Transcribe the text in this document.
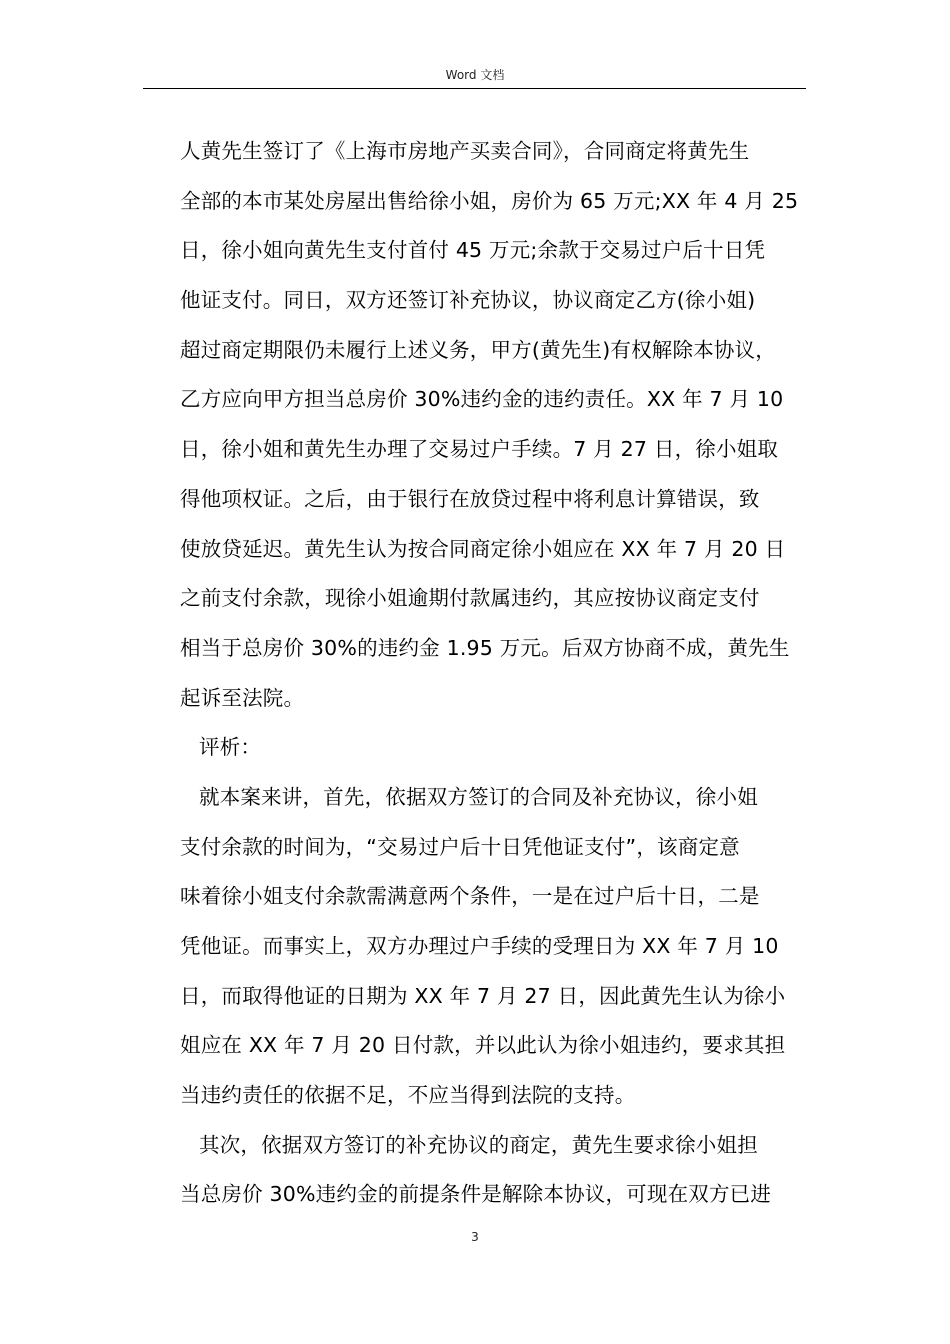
Word 文档
人黄先生签订了《上海市房地产买卖合同》，合同商定将黄先生
全部的本市某处房屋出售给徐小姐，房价为 65 万元;XX 年 4 月 25
日，徐小姐向黄先生支付首付 45 万元;余款于交易过户后十日凭
他证支付。同日，双方还签订补充协议，协议商定乙方(徐小姐)
超过商定期限仍未履行上述义务，甲方(黄先生)有权解除本协议，
乙方应向甲方担当总房价 30%违约金的违约责任。XX 年 7 月 10
日，徐小姐和黄先生办理了交易过户手续。7 月 27 日，徐小姐取
得他项权证。之后，由于银行在放贷过程中将利息计算错误，致
使放贷延迟。黄先生认为按合同商定徐小姐应在 XX 年 7 月 20 日
之前支付余款，现徐小姐逾期付款属违约，其应按协议商定支付
相当于总房价 30%的违约金 1.95 万元。后双方协商不成，黄先生
起诉至法院。
评析：
就本案来讲，首先，依据双方签订的合同及补充协议，徐小姐
支付余款的时间为，“交易过户后十日凭他证支付”，该商定意
味着徐小姐支付余款需满意两个条件，一是在过户后十日，二是
凭他证。而事实上，双方办理过户手续的受理日为 XX 年 7 月 10
日，而取得他证的日期为 XX 年 7 月 27 日，因此黄先生认为徐小
姐应在 XX 年 7 月 20 日付款，并以此认为徐小姐违约，要求其担
当违约责任的依据不足，不应当得到法院的支持。
其次，依据双方签订的补充协议的商定，黄先生要求徐小姐担
当总房价 30%违约金的前提条件是解除本协议，可现在双方已进
3
